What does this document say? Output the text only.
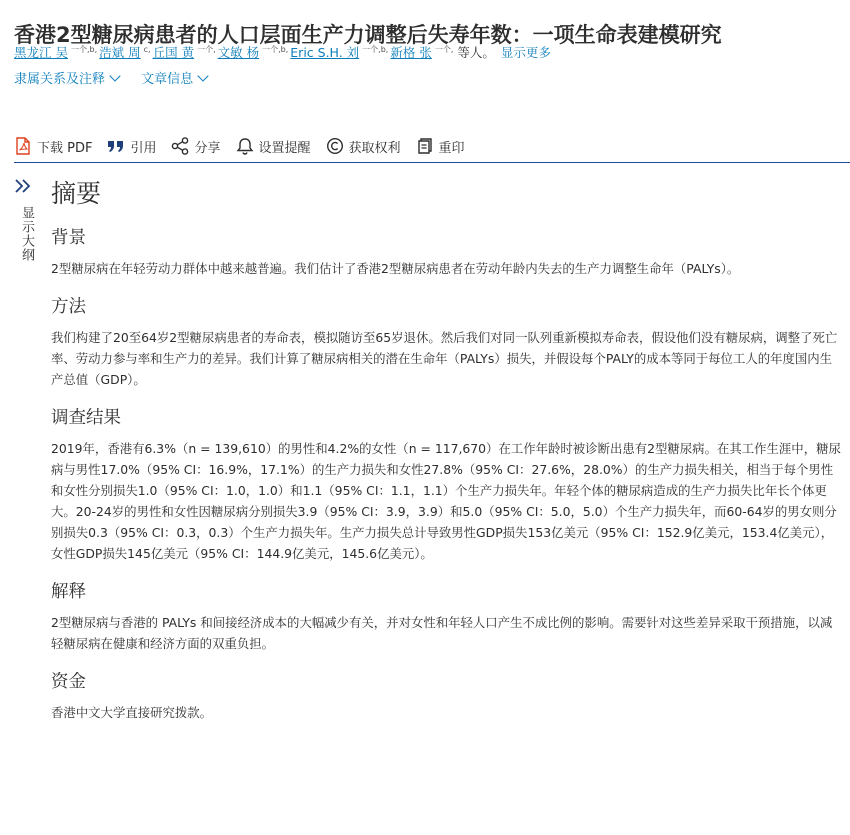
香港2型糖尿病患者的人口层面生产力调整后失寿年数：一项生命表建模研究
黑龙江 吴 $^{一个,b,}$ 浩斌 周 $^{c,}$ 丘国 黄 $^{一个,}$ 文敏 杨 $^{一个,b,}$ Eric S.H. 刘 $^{一个,b,}$ 新格 张 $^{一个,}$ 等人。 显示更多
隶属关系及注释	文章信息
下载 PDF	引用	分享	设置提醒	获取权利	重印
显示大纲
摘要
背景

2型糖尿病在年轻劳动力群体中越来越普遍。我们估计了香港2型糖尿病患者在劳动年龄内失去的生产力调整生命年（PALYs）。

方法

我们构建了20至64岁2型糖尿病患者的寿命表，模拟随访至65岁退休。然后我们对同一队列重新模拟寿命表，假设他们没有糖尿病，调整了死亡率、劳动力参与率和生产力的差异。我们计算了糖尿病相关的潜在生命年（PALYs）损失，并假设每个PALY的成本等同于每位工人的年度国内生产总值（GDP）。

调查结果

2019年，香港有6.3%（n = 139,610）的男性和4.2%的女性（n = 117,670）在工作年龄时被诊断出患有2型糖尿病。在其工作生涯中，糖尿病与男性17.0%（95% CI：16.9%，17.1%）的生产力损失和女性27.8%（95% CI：27.6%，28.0%）的生产力损失相关，相当于每个男性和女性分别损失1.0（95% CI：1.0，1.0）和1.1（95% CI：1.1，1.1）个生产力损失年。年轻个体的糖尿病造成的生产力损失比年长个体更大。20-24岁的男性和女性因糖尿病分别损失3.9（95% CI：3.9，3.9）和5.0（95% CI：5.0，5.0）个生产力损失年，而60-64岁的男女则分别损失0.3（95% CI：0.3，0.3）个生产力损失年。生产力损失总计导致男性GDP损失153亿美元（95% CI：152.9亿美元，153.4亿美元），女性GDP损失145亿美元（95% CI：144.9亿美元，145.6亿美元）。

解释

2型糖尿病与香港的 PALYs 和间接经济成本的大幅减少有关，并对女性和年轻人口产生不成比例的影响。需要针对这些差异采取干预措施，以减轻糖尿病在健康和经济方面的双重负担。

资金

香港中文大学直接研究拨款。
